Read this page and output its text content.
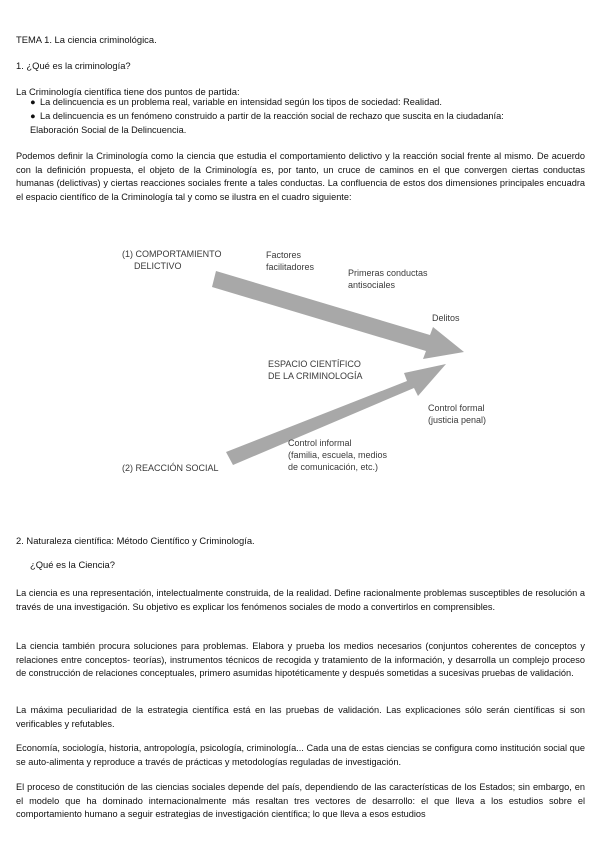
TEMA 1. La ciencia criminológica.
1. ¿Qué es la criminología?
La Criminología científica tiene dos puntos de partida:
● La delincuencia es un problema real, variable en intensidad según los tipos de sociedad: Realidad.
● La delincuencia es un fenómeno construido a partir de la reacción social de rechazo que suscita en la ciudadanía:
Elaboración Social de la Delincuencia.
Podemos definir la Criminología como la ciencia que estudia el comportamiento delictivo y la reacción social frente al mismo. De acuerdo con la definición propuesta, el objeto de la Criminología es, por tanto, un cruce de caminos en el que convergen ciertas conductas humanas (delictivas) y ciertas reacciones sociales frente a tales conductas. La confluencia de estos dos dimensiones principales encuadra el espacio científico de la Criminología tal y como se ilustra en el cuadro siguiente:
(1) COMPORTAMIENTO
DELICTIVO
Factores
facilitadores
Primeras conductas
antisociales
Delitos
ESPACIO CIENTÍFICO
DE LA CRIMINOLOGÍA
Control formal
(justicia penal)
Control informal
(familia, escuela, medios
de comunicación, etc.)
(2) REACCIÓN SOCIAL
2. Naturaleza científica: Método Científico y Criminología.
¿Qué es la Ciencia?
La ciencia es una representación, intelectualmente construida, de la realidad. Define racionalmente problemas susceptibles de resolución a través de una investigación. Su objetivo es explicar los fenómenos sociales de modo a convertirlos en comprensibles.
La ciencia también procura soluciones para problemas. Elabora y prueba los medios necesarios (conjuntos coherentes de conceptos y relaciones entre conceptos- teorías), instrumentos técnicos de recogida y tratamiento de la información, y desarrolla un complejo proceso de construcción de relaciones conceptuales, primero asumidas hipotéticamente y después sometidas a sucesivas pruebas de validación.
La máxima peculiaridad de la estrategia científica está en las pruebas de validación. Las explicaciones sólo serán científicas si son verificables y refutables.
Economía, sociología, historia, antropología, psicología, criminología... Cada una de estas ciencias se configura como institución social que se auto-alimenta y reproduce a través de prácticas y metodologías reguladas de investigación.
El proceso de constitución de las ciencias sociales depende del país, dependiendo de las características de los Estados; sin embargo, en el modelo que ha dominado internacionalmente más resaltan tres vectores de desarrollo: el que lleva a los estudios sobre el comportamiento humano a seguir estrategias de investigación científica; lo que lleva a esos estudios
